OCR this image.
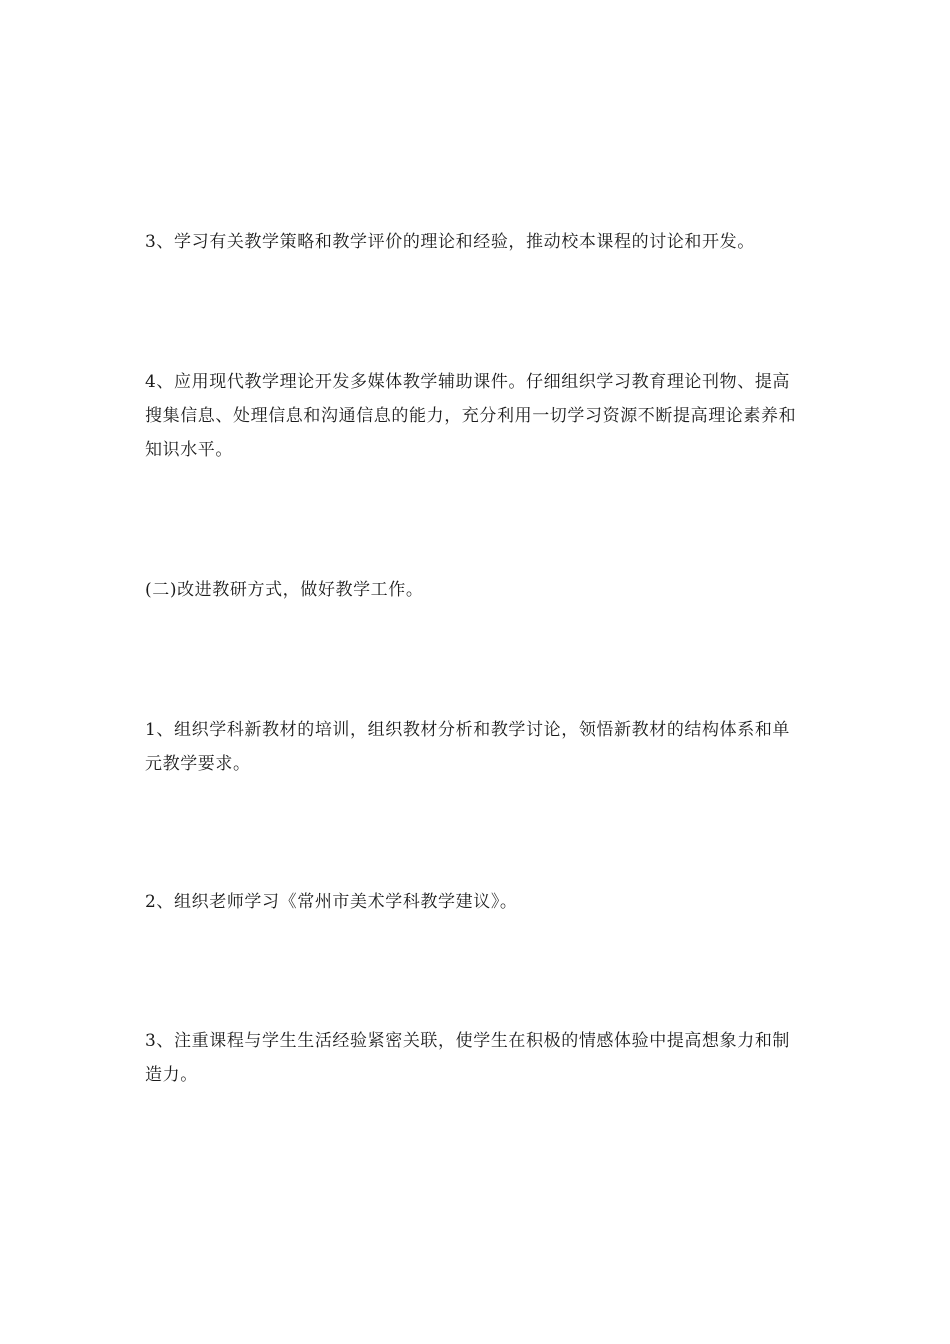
3、学习有关教学策略和教学评价的理论和经验，推动校本课程的讨论和开发。

4、应用现代教学理论开发多媒体教学辅助课件。仔细组织学习教育理论刊物、提高搜集信息、处理信息和沟通信息的能力，充分利用一切学习资源不断提高理论素养和知识水平。

(二)改进教研方式，做好教学工作。

1、组织学科新教材的培训，组织教材分析和教学讨论，领悟新教材的结构体系和单元教学要求。

2、组织老师学习《常州市美术学科教学建议》。

3、注重课程与学生生活经验紧密关联，使学生在积极的情感体验中提高想象力和制造力。
